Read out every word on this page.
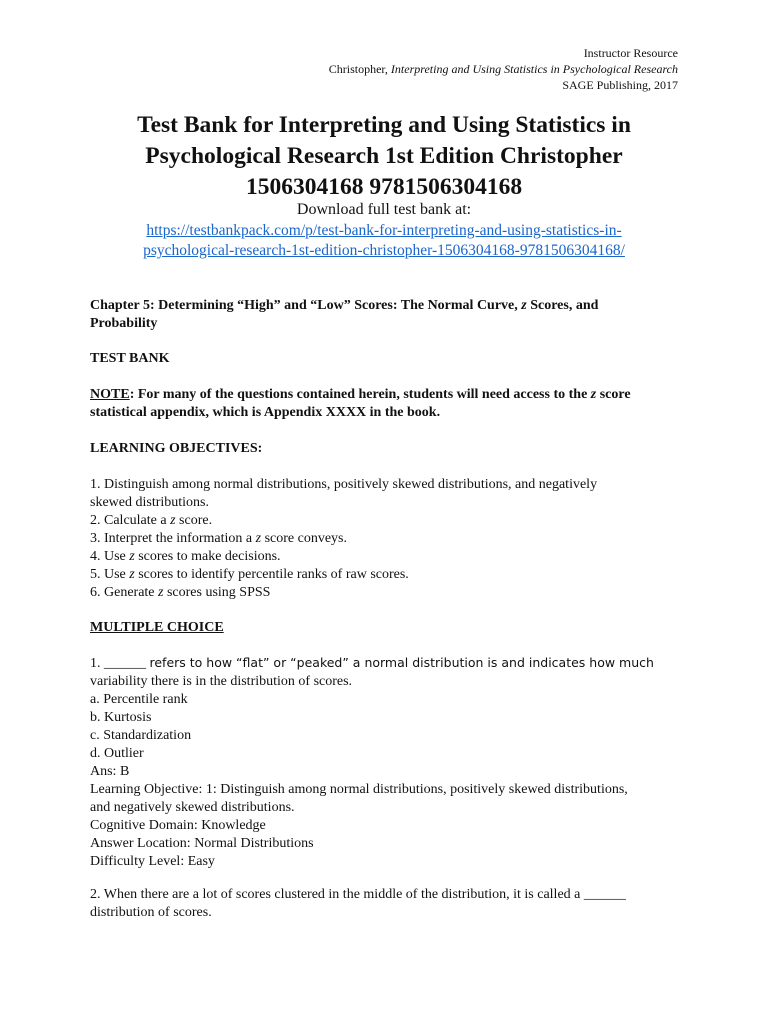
Instructor Resource
Christopher, Interpreting and Using Statistics in Psychological Research
SAGE Publishing, 2017
Test Bank for Interpreting and Using Statistics in
Psychological Research 1st Edition Christopher
1506304168 9781506304168
Download full test bank at:
https://testbankpack.com/p/test-bank-for-interpreting-and-using-statistics-in-
psychological-research-1st-edition-christopher-1506304168-9781506304168/
Chapter 5: Determining “High” and “Low” Scores: The Normal Curve, z Scores, and
Probability
TEST BANK
NOTE: For many of the questions contained herein, students will need access to the z score
statistical appendix, which is Appendix XXXX in the book.
LEARNING OBJECTIVES:
1. Distinguish among normal distributions, positively skewed distributions, and negatively
skewed distributions.
2. Calculate a z score.
3. Interpret the information a z score conveys.
4. Use z scores to make decisions.
5. Use z scores to identify percentile ranks of raw scores.
6. Generate z scores using SPSS
MULTIPLE CHOICE
1. ______ refers to how “flat” or “peaked” a normal distribution is and indicates how much
variability there is in the distribution of scores.
a. Percentile rank
b. Kurtosis
c. Standardization
d. Outlier
Ans: B
Learning Objective: 1: Distinguish among normal distributions, positively skewed distributions,
and negatively skewed distributions.
Cognitive Domain: Knowledge
Answer Location: Normal Distributions
Difficulty Level: Easy
2. When there are a lot of scores clustered in the middle of the distribution, it is called a ______
distribution of scores.
